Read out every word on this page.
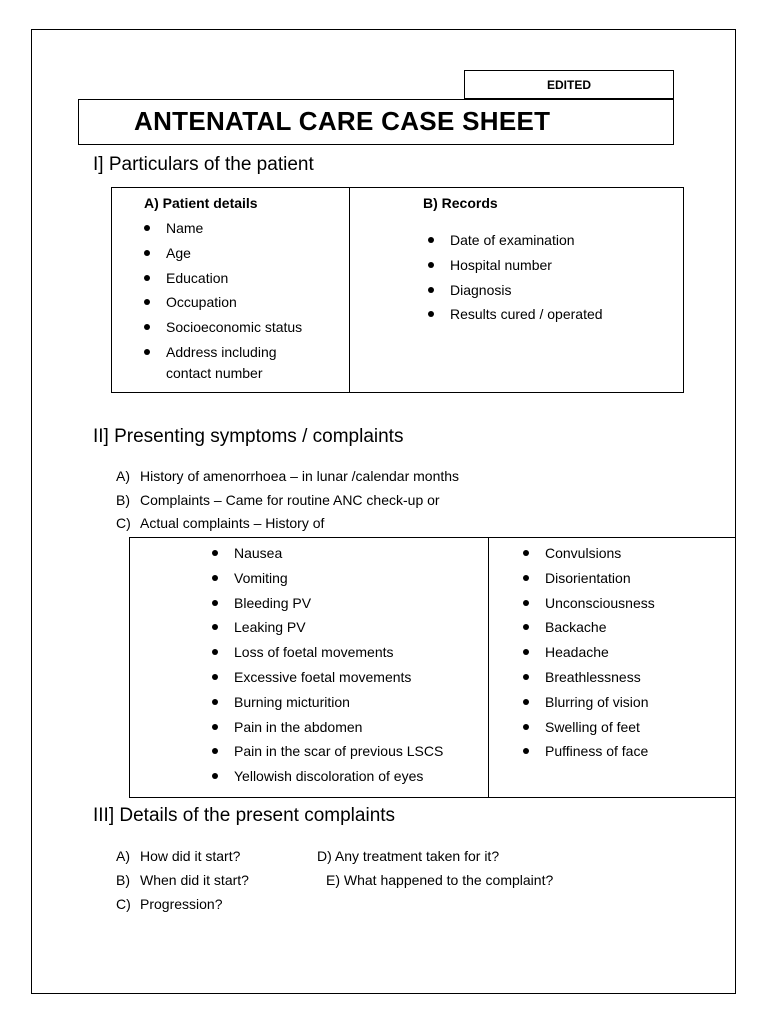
EDITED
ANTENATAL CARE CASE SHEET
I] Particulars of the patient
A) Patient details
Name
Age
Education
Occupation
Socioeconomic status
Address including
contact number
B) Records
Date of examination
Hospital number
Diagnosis
Results cured / operated
II] Presenting symptoms / complaints
A) History of amenorrhoea – in lunar /calendar months
B) Complaints – Came for routine ANC check-up or
C) Actual complaints – History of
Nausea
Vomiting
Bleeding PV
Leaking PV
Loss of foetal movements
Excessive foetal movements
Burning micturition
Pain in the abdomen
Pain in the scar of previous LSCS
Yellowish discoloration of eyes
Convulsions
Disorientation
Unconsciousness
Backache
Headache
Breathlessness
Blurring of vision
Swelling of feet
Puffiness of face
III] Details of the present complaints
A) How did it start?
B) When did it start?
C) Progression?
D) Any treatment taken for it?
E) What happened to the complaint?
